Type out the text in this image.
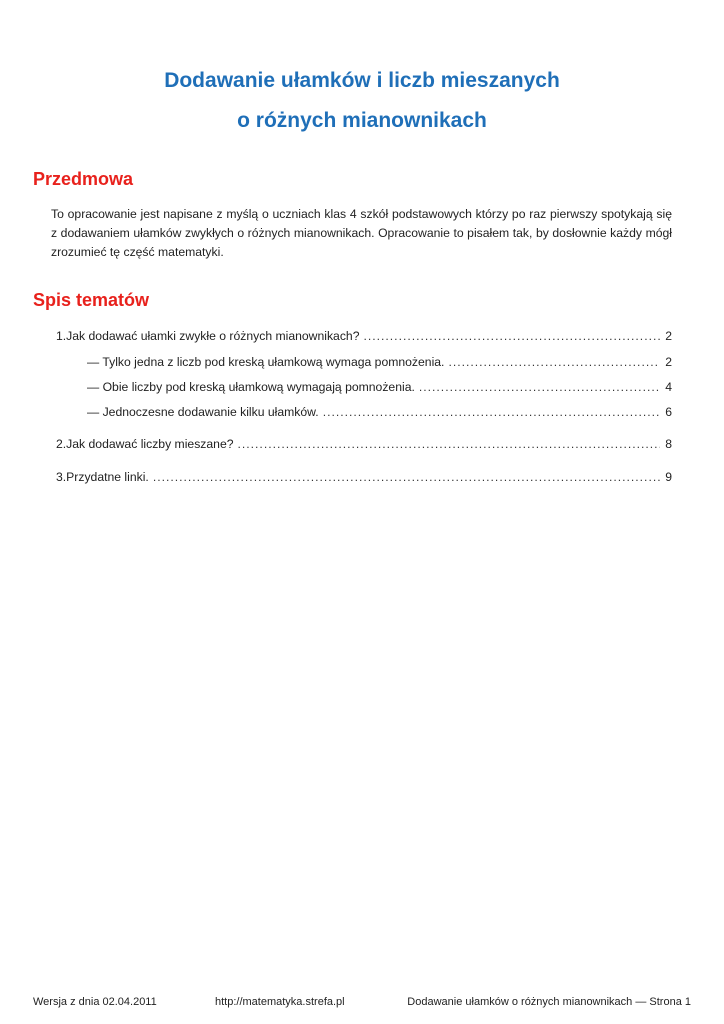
Dodawanie ułamków i liczb mieszanych
o różnych mianownikach
Przedmowa

To opracowanie jest napisane z myślą o uczniach klas 4 szkół podstawowych którzy po raz pierwszy spotykają się z dodawaniem ułamków zwykłych o różnych mianownikach. Opracowanie to pisałem tak, by dosłownie każdy mógł zrozumieć tę część matematyki.

Spis tematów
1. Jak dodawać ułamki zwykłe o różnych mianownikach? .....	2
— Tylko jedna z liczb pod kreską ułamkową wymaga pomnożenia. .....	2
— Obie liczby pod kreską ułamkową wymagają pomnożenia. .....	4
— Jednoczesne dodawanie kilku ułamków. .....	6
2. Jak dodawać liczby mieszane? .....	8
3. Przydatne linki. .....	9
Wersja z dnia 02.04.2011	http://matematyka.strefa.pl	Dodawanie ułamków o różnych mianownikach — Strona 1
